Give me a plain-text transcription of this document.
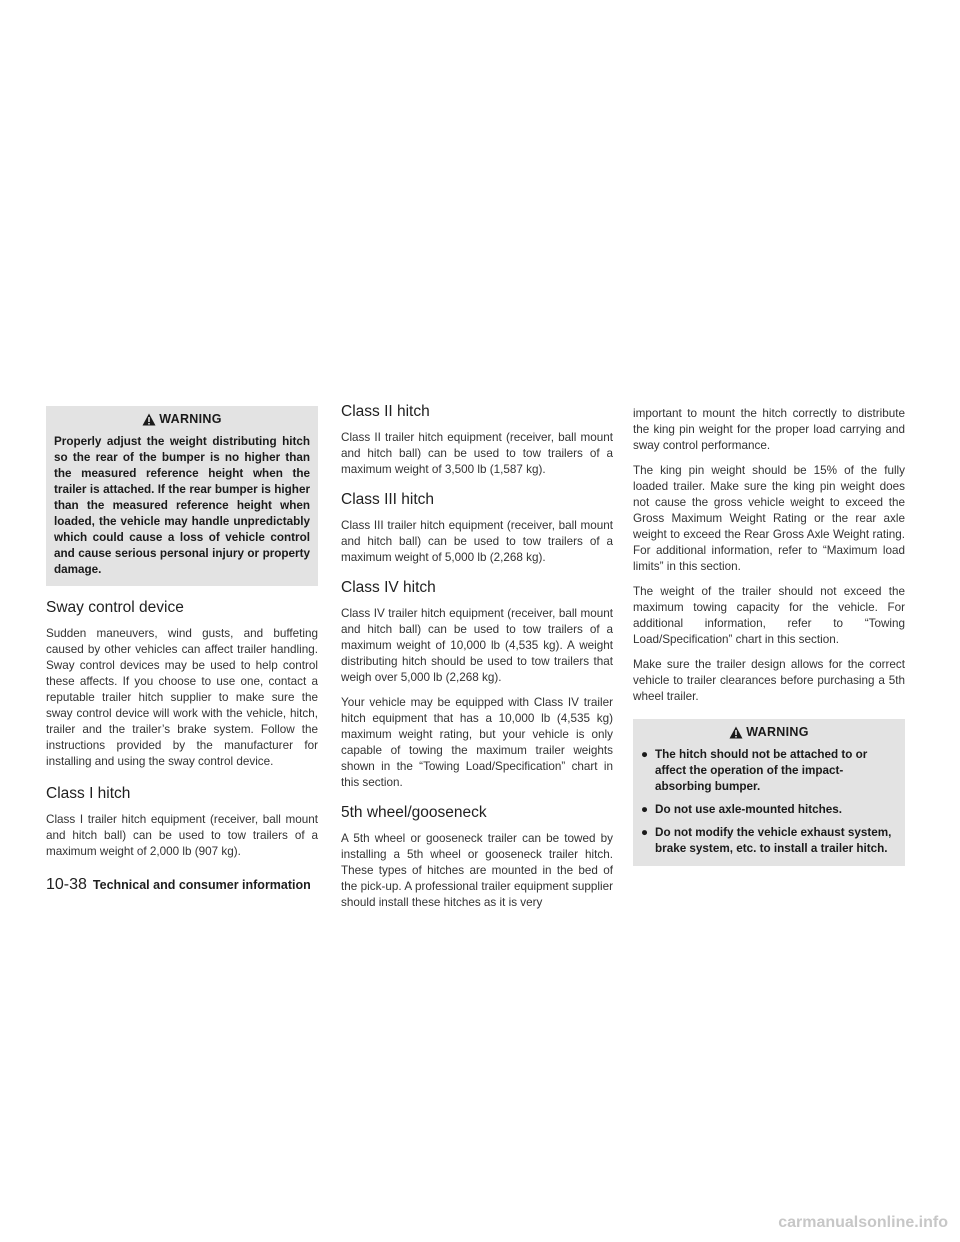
WARNING

Properly adjust the weight distributing hitch so the rear of the bumper is no higher than the measured reference height when the trailer is attached. If the rear bumper is higher than the measured reference height when loaded, the vehicle may handle unpredictably which could cause a loss of vehicle control and cause serious personal injury or property damage.

Sway control device

Sudden maneuvers, wind gusts, and buffeting caused by other vehicles can affect trailer handling. Sway control devices may be used to help control these affects. If you choose to use one, contact a reputable trailer hitch supplier to make sure the sway control device will work with the vehicle, hitch, trailer and the trailer’s brake system. Follow the instructions provided by the manufacturer for installing and using the sway control device.

Class I hitch

Class I trailer hitch equipment (receiver, ball mount and hitch ball) can be used to tow trailers of a maximum weight of 2,000 lb (907 kg).

Class II hitch

Class II trailer hitch equipment (receiver, ball mount and hitch ball) can be used to tow trailers of a maximum weight of 3,500 lb (1,587 kg).

Class III hitch

Class III trailer hitch equipment (receiver, ball mount and hitch ball) can be used to tow trailers of a maximum weight of 5,000 lb (2,268 kg).

Class IV hitch

Class IV trailer hitch equipment (receiver, ball mount and hitch ball) can be used to tow trailers of a maximum weight of 10,000 lb (4,535 kg). A weight distributing hitch should be used to tow trailers that weigh over 5,000 lb (2,268 kg).

Your vehicle may be equipped with Class IV trailer hitch equipment that has a 10,000 lb (4,535 kg) maximum weight rating, but your vehicle is only capable of towing the maximum trailer weights shown in the “Towing Load/Specification” chart in this section.

5th wheel/gooseneck

A 5th wheel or gooseneck trailer can be towed by installing a 5th wheel or gooseneck trailer hitch. These types of hitches are mounted in the bed of the pick-up. A professional trailer equipment supplier should install these hitches as it is very

important to mount the hitch correctly to distribute the king pin weight for the proper load carrying and sway control performance.

The king pin weight should be 15% of the fully loaded trailer. Make sure the king pin weight does not cause the gross vehicle weight to exceed the Gross Maximum Weight Rating or the rear axle weight to exceed the Rear Gross Axle Weight rating. For additional information, refer to “Maximum load limits” in this section.

The weight of the trailer should not exceed the maximum towing capacity for the vehicle. For additional information, refer to “Towing Load/Specification” chart in this section.

Make sure the trailer design allows for the correct vehicle to trailer clearances before purchasing a 5th wheel trailer.

WARNING
● The hitch should not be attached to or affect the operation of the impact-absorbing bumper.
● Do not use axle-mounted hitches.
● Do not modify the vehicle exhaust system, brake system, etc. to install a trailer hitch.
10-38 Technical and consumer information
carmanualsonline.info
